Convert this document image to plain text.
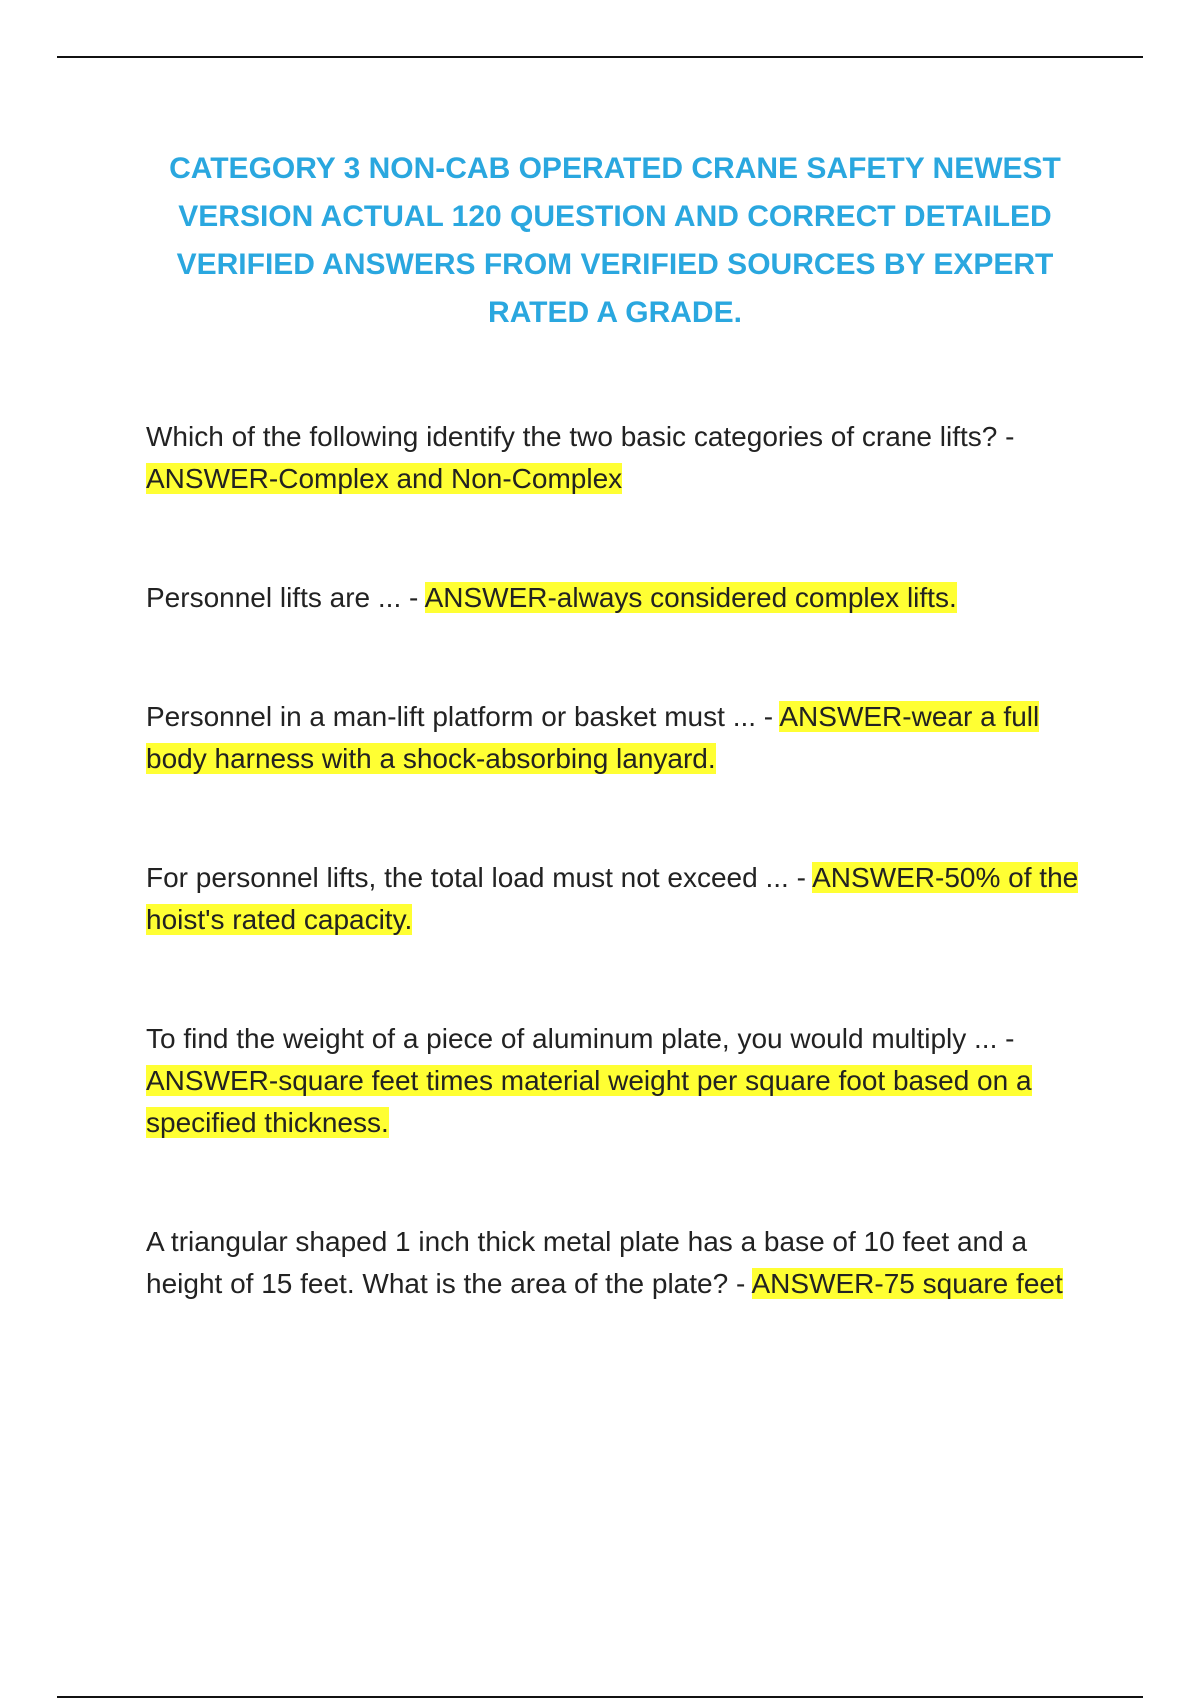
CATEGORY 3 NON-CAB OPERATED CRANE SAFETY NEWEST VERSION ACTUAL 120 QUESTION AND CORRECT DETAILED VERIFIED ANSWERS FROM VERIFIED SOURCES BY EXPERT RATED A GRADE.

Which of the following identify the two basic categories of crane lifts? - ANSWER-Complex and Non-Complex

Personnel lifts are ... - ANSWER-always considered complex lifts.

Personnel in a man-lift platform or basket must ... - ANSWER-wear a full body harness with a shock-absorbing lanyard.

For personnel lifts, the total load must not exceed ... - ANSWER-50% of the hoist's rated capacity.

To find the weight of a piece of aluminum plate, you would multiply ... - ANSWER-square feet times material weight per square foot based on a specified thickness.

A triangular shaped 1 inch thick metal plate has a base of 10 feet and a height of 15 feet. What is the area of the plate? - ANSWER-75 square feet
